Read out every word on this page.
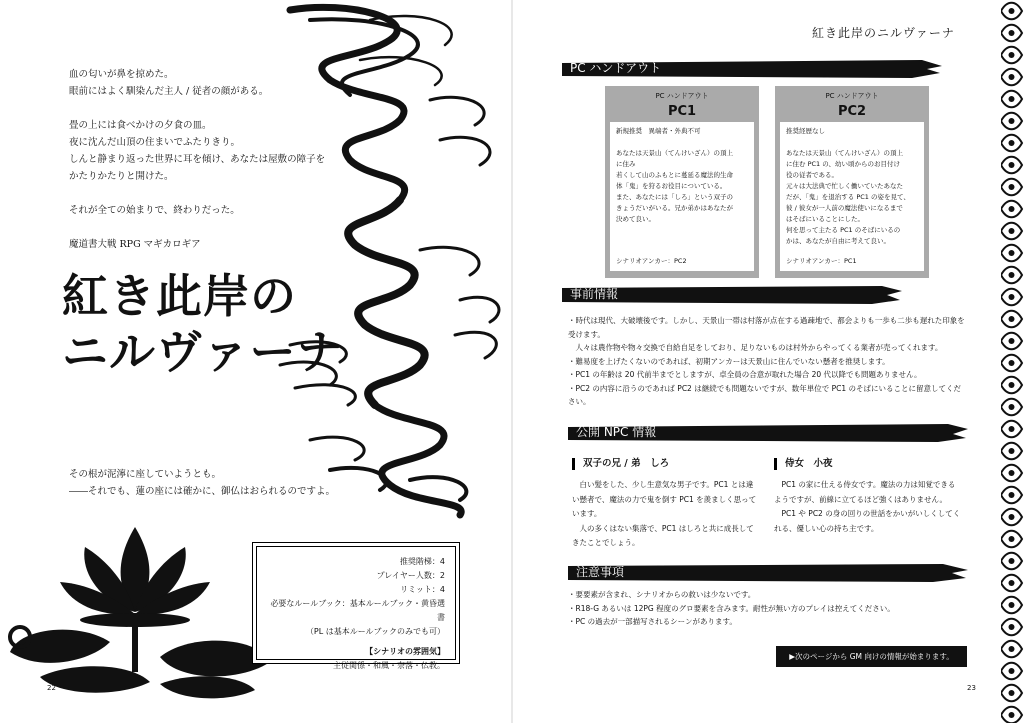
血の匂いが鼻を掠めた。

眼前にはよく馴染んだ主人 / 従者の顔がある。

畳の上には食べかけの夕食の皿。

夜に沈んだ山頂の住まいでふたりきり。

しんと静まり返った世界に耳を傾け、あなたは屋敷の障子を

かたりかたりと開けた。

それが全ての始まりで、終わりだった。

魔道書大戦 RPG マギカロギア

紅き此岸の
ニルヴァーナ

その根が泥濘に座していようとも。

――それでも、蓮の座には確かに、御仏はおられるのですよ。

推奨階梯：4
プレイヤー人数：2
リミット：4
必要なルールブック：基本ルールブック・黄昏選書
（PL は基本ルールブックのみでも可）
【シナリオの雰囲気】
主従関係・和風・奈落・仏教。
22
紅き此岸のニルヴァーナ
PC ハンドアウト
PC ハンドアウト
PC1
新規推奨　異端者・外典不可
あなたは天景山（てんけいざん）の頂上
に住み
若くして山のふもとに蔓延る魔法的生命
体「鬼」を狩るお役目についている。
また、あなたには「しろ」という双子の
きょうだいがいる。兄か弟かはあなたが
決めて良い。
シナリオアンカー：PC2
PC ハンドアウト
PC2
推奨経歴なし
あなたは天景山（てんけいざん）の頂上
に住む PC1 の、幼い頃からのお目付け
役の従者である。
元々は大法典で忙しく働いていたあなた
だが、「鬼」を退治する PC1 の姿を見て、
彼 / 彼女が一人前の魔法使いになるまで
はそばにいることにした。
何を思って主たる PC1 のそばにいるの
かは、あなたが自由に考えて良い。
シナリオアンカー：PC1
事前情報
・時代は現代、大破壊後です。しかし、天景山一帯は村落が点在する過疎地で、都会よりも一歩も二歩も遅れた印象を
受けます。
　人々は農作物や物々交換で自給自足をしており、足りないものは村外からやってくる業者が売ってくれます。
・難易度を上げたくないのであれば、初期アンカーは天景山に住んでいない懸者を推奨します。
・PC1 の年齢は 20 代前半までとしますが、卓全員の合意が取れた場合 20 代以降でも問題ありません。
・PC2 の内容に沿うのであれば PC2 は継続でも問題ないですが、数年単位で PC1 のそばにいることに留意してくだ
さい。
公開 NPC 情報
双子の兄 / 弟　しろ
　白い髪をした、少し生意気な男子です。PC1 とは違
い懸者で、魔法の力で鬼を倒す PC1 を羨ましく思って
います。
　人の多くはない集落で、PC1 はしろと共に成長して
きたことでしょう。
侍女　小夜
　PC1 の家に仕える侍女です。魔法の力は知覚できる
ようですが、前線に立てるほど強くはありません。
　PC1 や PC2 の身の回りの世話をかいがいしくしてく
れる、優しい心の持ち主です。
注意事項
・要要素が含まれ、シナリオからの救いは少ないです。
・R18-G あるいは 12PG 程度のグロ要素を含みます。耐性が無い方のプレイは控えてください。
・PC の過去が一部描写されるシーンがあります。
▶次のページから GM 向けの情報が始まります。
23
